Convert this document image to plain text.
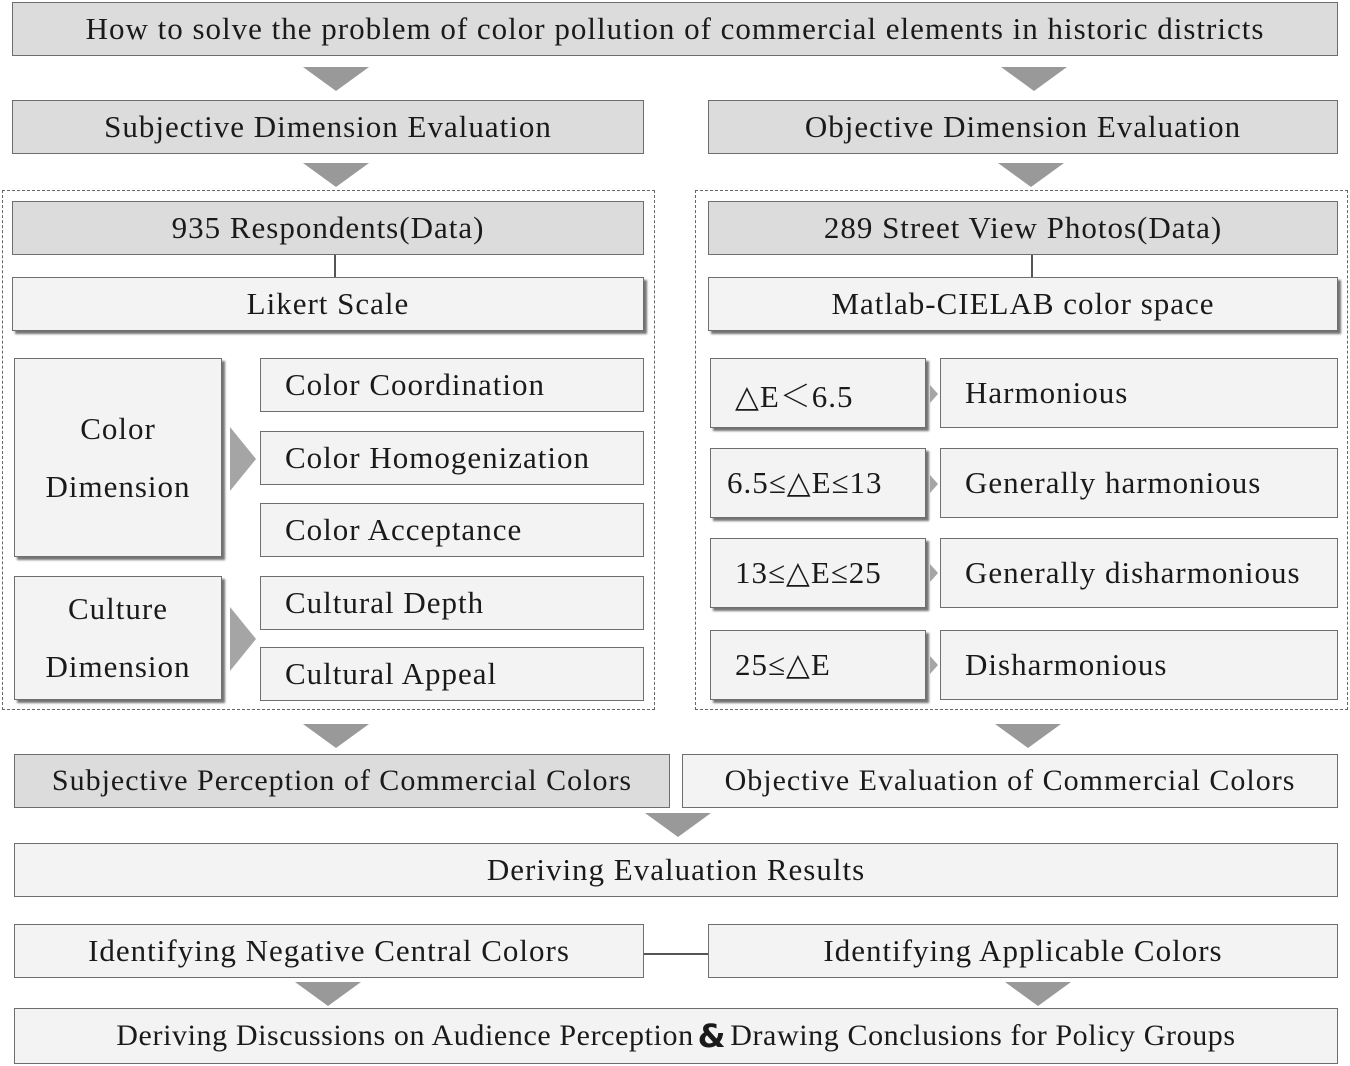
How to solve the problem of color pollution of commercial elements in historic districts
Subjective Dimension Evaluation	Objective Dimension Evaluation
935 Respondents(Data)
Likert Scale
Color
Dimension
Color Coordination
Color Homogenization
Color Acceptance
Culture
Dimension
Cultural Depth
Cultural Appeal
289 Street View Photos(Data)
Matlab-CIELAB color space
△E＜6.5	Harmonious
6.5≤△E≤13	Generally harmonious
13≤△E≤25	Generally disharmonious
25≤△E	Disharmonious
Subjective Perception of Commercial Colors	Objective Evaluation of Commercial Colors
Deriving Evaluation Results
Identifying Negative Central Colors	Identifying Applicable Colors
Deriving Discussions on Audience Perception & Drawing Conclusions for Policy Groups
